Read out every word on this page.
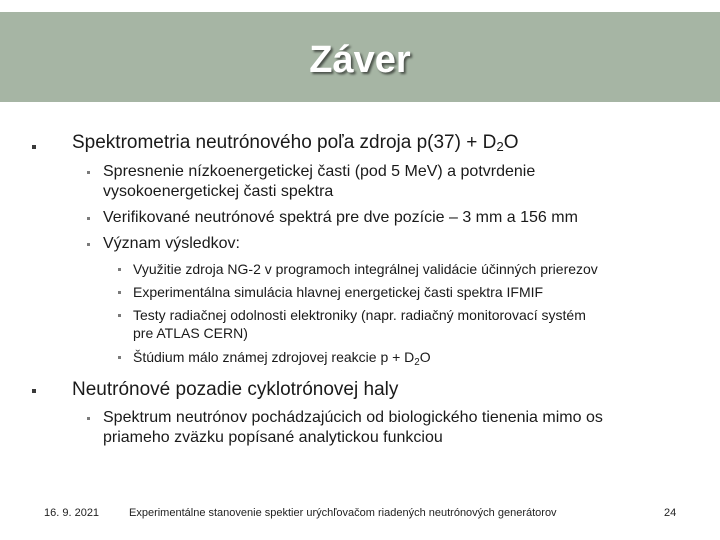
Záver
Spektrometria neutrónového poľa zdroja $p(37) + D_2O$
Spresnenie nízkoenergetickej časti (pod 5 MeV) a potvrdenie
vysokoenergetickej časti spektra
Verifikované neutrónové spektrá pre dve pozície – 3 mm a 156 mm
Význam výsledkov:
Využitie zdroja NG-2 v programoch integrálnej validácie účinných prierezov
Experimentálna simulácia hlavnej energetickej časti spektra IFMIF
Testy radiačnej odolnosti elektroniky (napr. radiačný monitorovací systém
pre ATLAS CERN)
Štúdium málo známej zdrojovej reakcie $p + D_2O$
Neutrónové pozadie cyklotrónovej haly
Spektrum neutrónov pochádzajúcich od biologického tienenia mimo os
priameho zväzku popísané analytickou funkciou
16. 9. 2021	Experimentálne stanovenie spektier urýchľovačom riadených neutrónových generátorov	24
